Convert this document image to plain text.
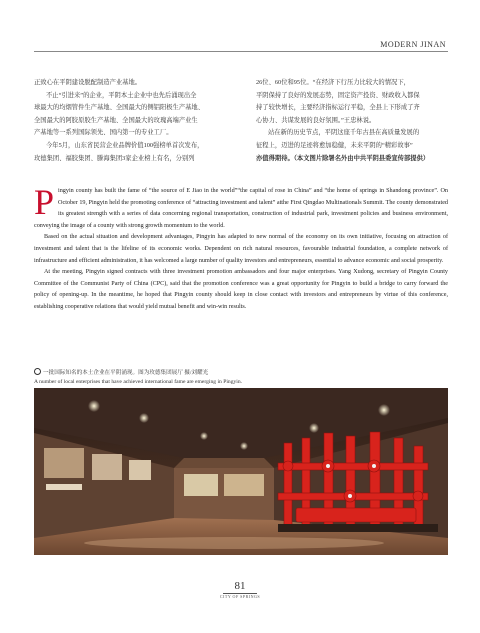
MODERN JINAN

正致心在平阴建设脱配制造产业基地。

不止“引进来”的企业，平阴本土企业中也先后涌现出全

球最大的均烟管件生产基地、全国最大的侧铝阳极生产基地、

全国最大的阿胶原胶生产基地、全国最大的玫瑰高端产业生

产基地等一系列国际领先、国内第一的专业工厂。

今年5月，山东省民营企业品牌价值100强榜单首次发布，

玫德集团、福胶集团、滕海集团3家企业榜上有名，分别列

26位、60位和95位。“在经济下行压力比较大的情况下，

平阴保持了良好的发展态势，固定资产投资、财政收入都保

持了较快增长，主要经济指标运行平稳，全县上下形成了齐

心协力、共谋发展的良好氛围。”王忠林说。

站在新的历史节点，平阴这座千年古县在高质量发展的

征程上，迈进的足迹将愈加稳健，未来平阴的“精彩故事”

亦值得期待。（本文图片除署名外由中共平阴县委宣传部提供）

Pingyin county has built the fame of “the source of E Jiao in the world”“the capital of rose in China” and “the home of springs in Shandong province”. On October 19, Pingyin held the promoting conference of “attracting investment and talent” atthe First Qingdao Multinationals Summit. The county demonstrated its greatest strength with a series of data concerning regional transportation, construction of industrial park, investment policies and business environment, conveying the image of a county with strong growth momentum to the world.

Based on the actual situation and development advantages, Pingyin has adapted to new normal of the economy on its own initiative, focusing on attraction of investment and talent that is the lifeline of its economic works. Dependent on rich natural resources, favourable industrial foundation, a complete network of infrastructure and efficient administration, it has welcomed a large number of quality investors and entrepreneurs, essential to advance economic and social prosperity.

At the meeting, Pingyin signed contracts with three investment promotion ambassadors and four major enterprises. Yang Xudong, secretary of Pingyin County Committee of the Communist Party of China (CPC), said that the promotion conference was a great opportunity for Pingyin to build a bridge to carry forward the policy of opening-up. In the meantime, he hoped that Pingyin county should keep in close contact with investors and entrepreneurs by virtue of this conference, establishing cooperative relations that would yield mutual benefit and win-win results.

一批国际知名的本土企业在平阴涌现。图为玫德集团展厅 摄/刘耀光
A number of local enterprises that have achieved international fame are emerging in Pingyin.
81
CITY OF SPRINGS
